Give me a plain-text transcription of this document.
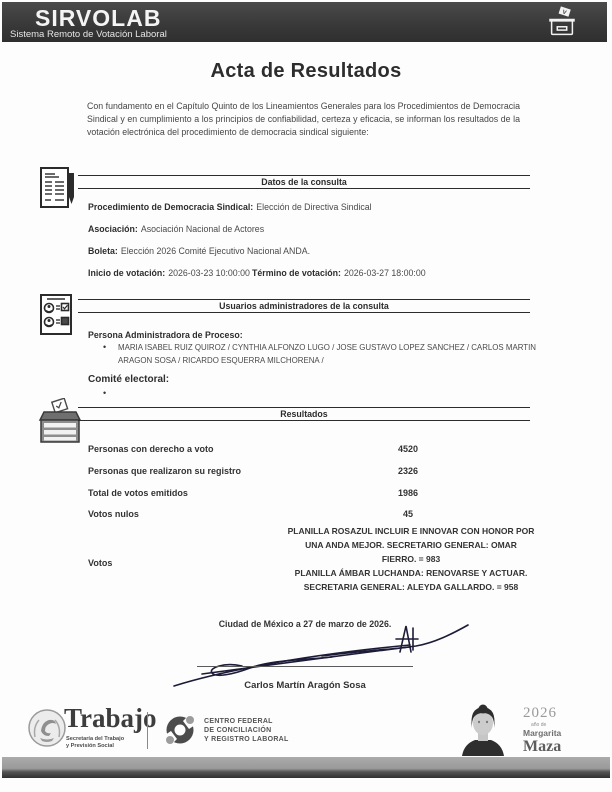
SIRVOLAB
Sistema Remoto de Votación Laboral
V
Acta de Resultados

Con fundamento en el Capítulo Quinto de los Lineamientos Generales para los Procedimientos de Democracia Sindical y en cumplimiento a los principios de confiabilidad, certeza y eficacia, se informan los resultados de la votación electrónica del procedimiento de democracia sindical siguiente:

Datos de la consulta
Procedimiento de Democracia Sindical: Elección de Directiva Sindical
Asociación: Asociación Nacional de Actores
Boleta: Elección 2026 Comité Ejecutivo Nacional ANDA.
Inicio de votación: 2026-03-23 10:00:00 Término de votación: 2026-03-27 18:00:00
Usuarios administradores de la consulta
Persona Administradora de Proceso:
• MARIA ISABEL RUIZ QUIROZ / CYNTHIA ALFONZO LUGO / JOSE GUSTAVO LOPEZ SANCHEZ / CARLOS MARTIN ARAGON SOSA / RICARDO ESQUERRA MILCHORENA /
Comité electoral:
•
Resultados
Personas con derecho a voto	4520
Personas que realizaron su registro	2326
Total de votos emitidos	1986
Votos nulos	45
Votos
PLANILLA ROSAZUL INCLUIR E INNOVAR CON HONOR POR UNA ANDA MEJOR. SECRETARIO GENERAL: OMAR FIERRO. = 983
PLANILLA ÁMBAR LUCHANDA: RENOVARSE Y ACTUAR. SECRETARIA GENERAL: ALEYDA GALLARDO. = 958
Ciudad de México a 27 de marzo de 2026.
Carlos Martín Aragón Sosa
Trabajo
Secretaría del Trabajo
y Previsión Social
CENTRO FEDERAL
DE CONCILIACIÓN
Y REGISTRO LABORAL
2026
año de
Margarita
Maza
